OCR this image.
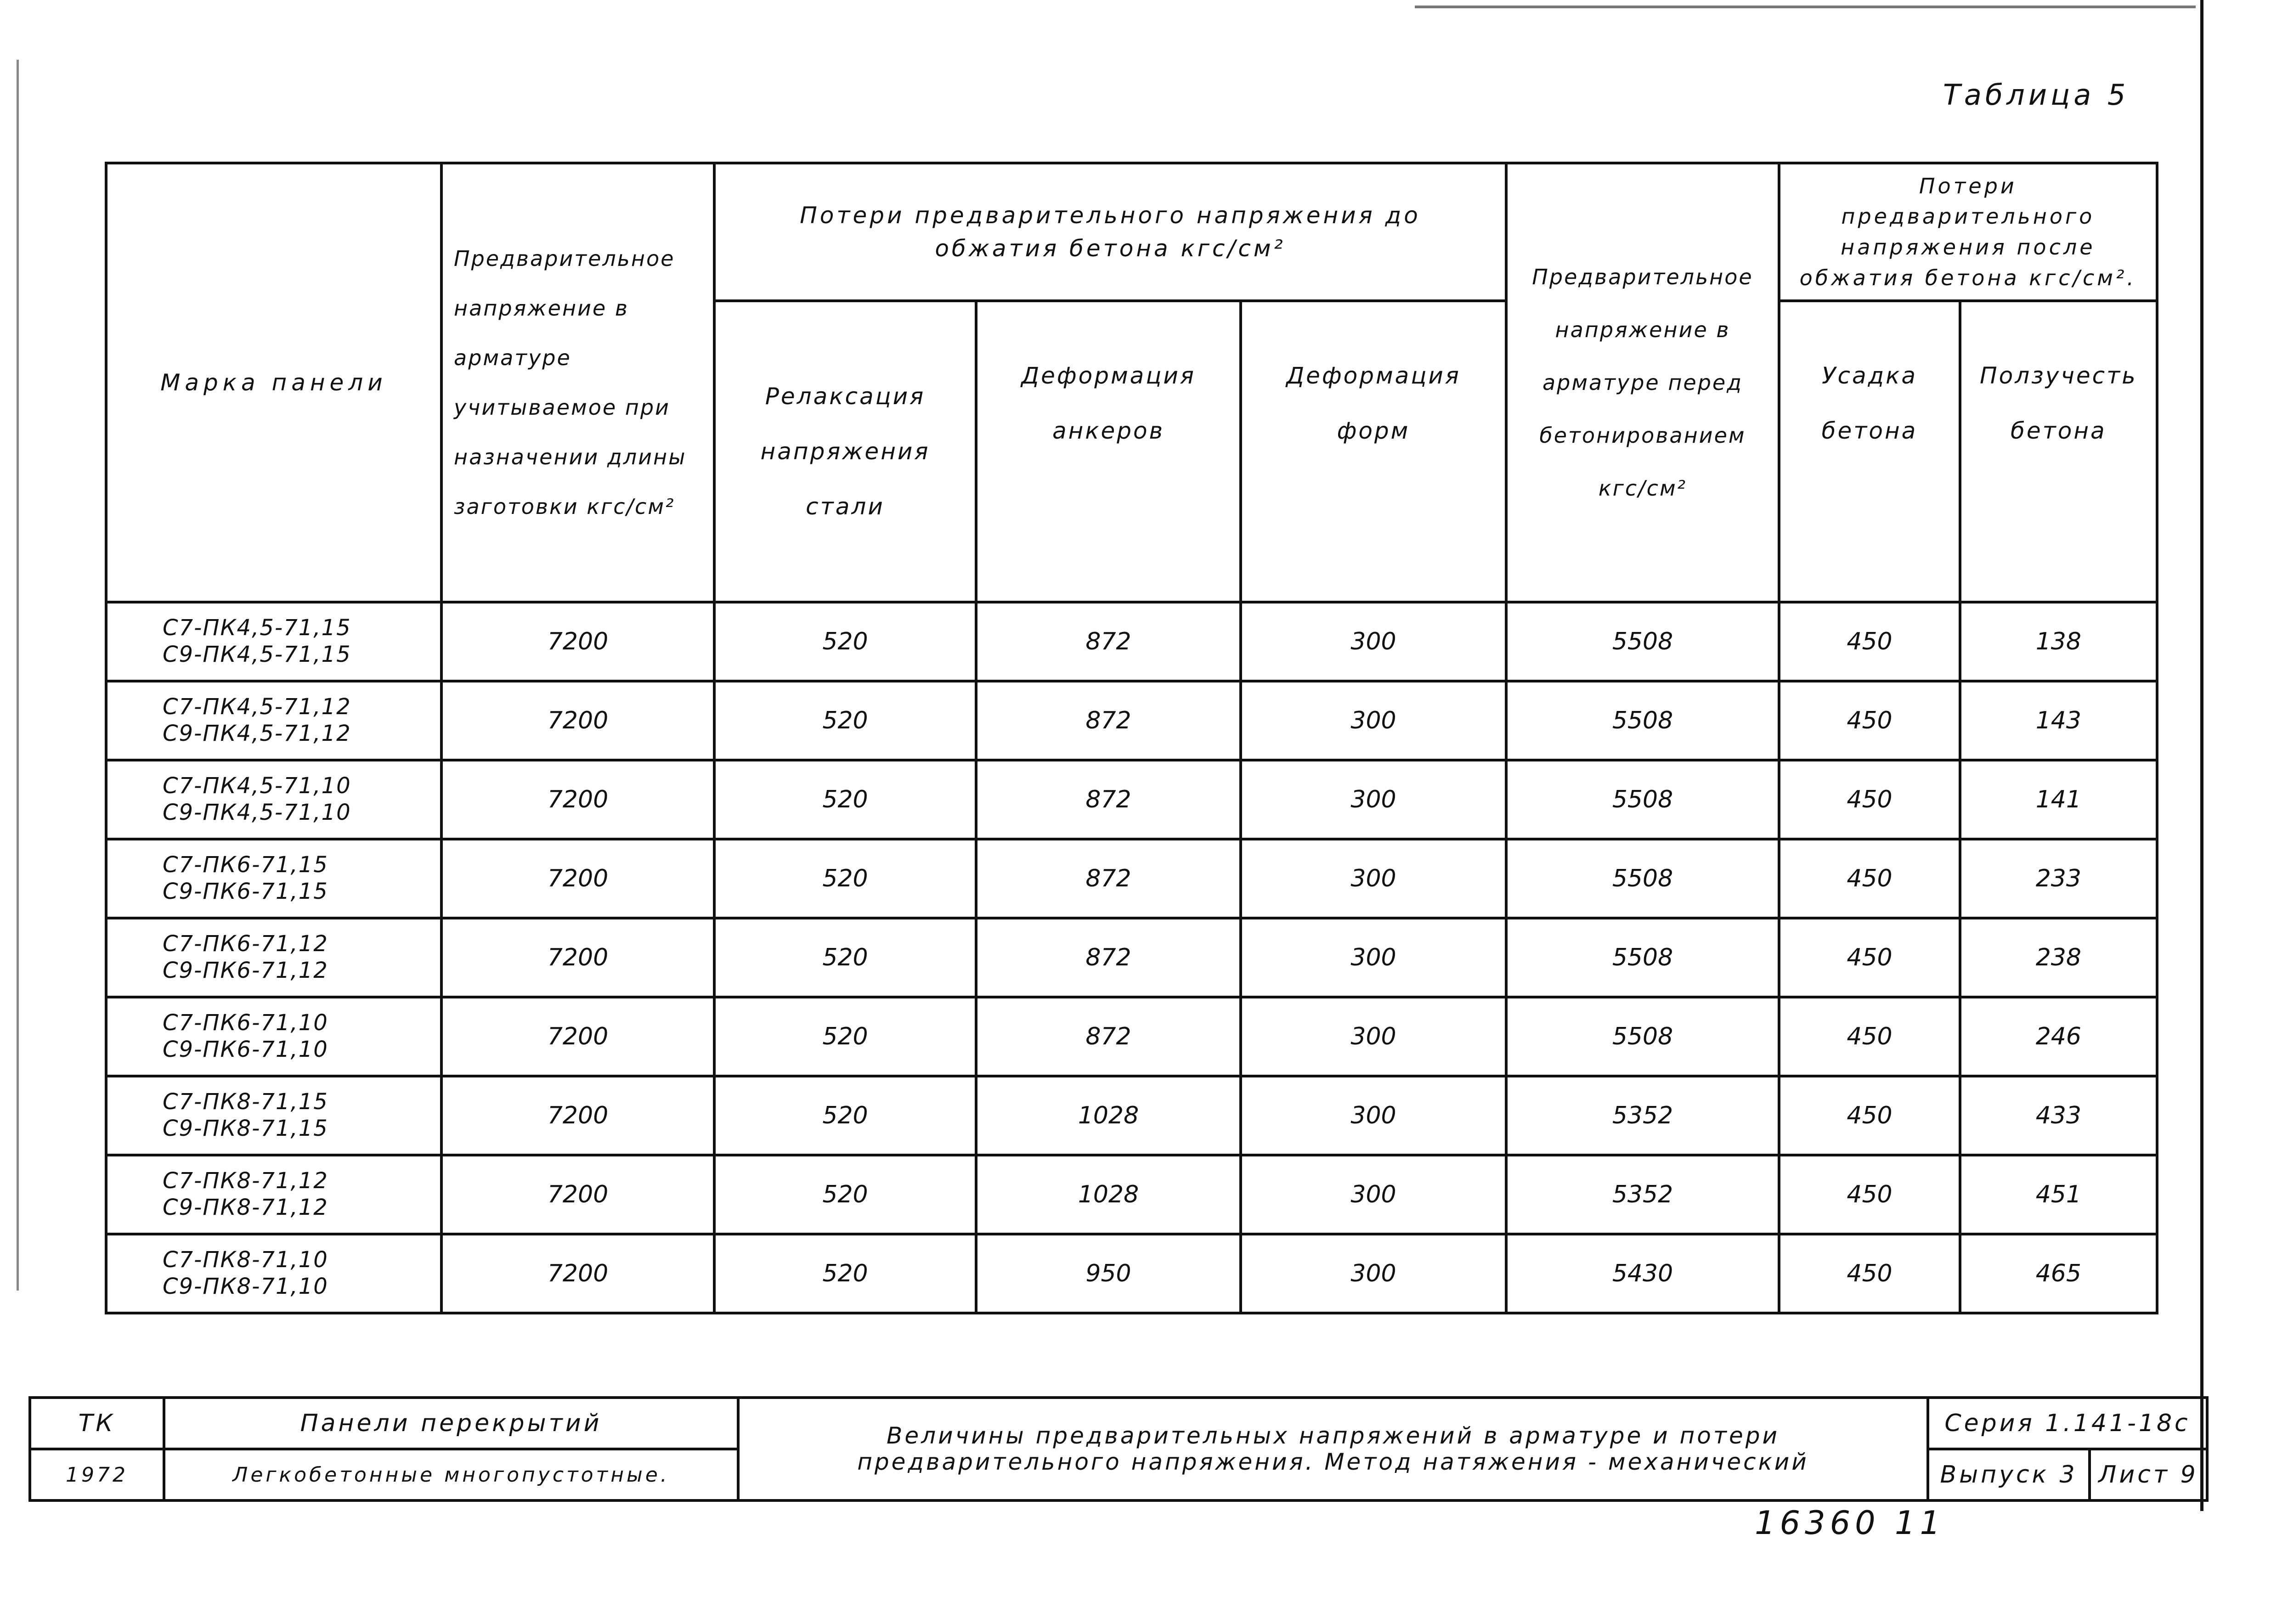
Таблица 5
Марка панели	Предварительное напряжение в арматуре учитываемое при назначении длины заготовки кгс/см²	Потери предварительного напряжения до обжатия бетона кгс/см²			Предварительное напряжение в арматуре перед бетонированием кгс/см²	Потери предварительного напряжения после обжатия бетона кгс/см².	
		Релаксация напряжения стали	Деформация анкеров	Деформация форм		Усадка бетона	Ползучесть бетона

С7-ПК4,5-71,15
С9-ПК4,5-71,15	7200	520	872	300	5508	450	138

С7-ПК4,5-71,12
С9-ПК4,5-71,12	7200	520	872	300	5508	450	143

С7-ПК4,5-71,10
С9-ПК4,5-71,10	7200	520	872	300	5508	450	141

С7-ПК6-71,15
С9-ПК6-71,15	7200	520	872	300	5508	450	233

С7-ПК6-71,12
С9-ПК6-71,12	7200	520	872	300	5508	450	238

С7-ПК6-71,10
С9-ПК6-71,10	7200	520	872	300	5508	450	246

С7-ПК8-71,15
С9-ПК8-71,15	7200	520	1028	300	5352	450	433

С7-ПК8-71,12
С9-ПК8-71,12	7200	520	1028	300	5352	450	451

С7-ПК8-71,10
С9-ПК8-71,10	7200	520	950	300	5430	450	465
ТК	Панели перекрытий	Величины предварительных напряжений в арматуре и потери предварительного напряжения. Метод натяжения - механический	Серия 1.141-18с	
1972	Легкобетонные многопустотные.		Выпуск 3	Лист 9
16360 11
